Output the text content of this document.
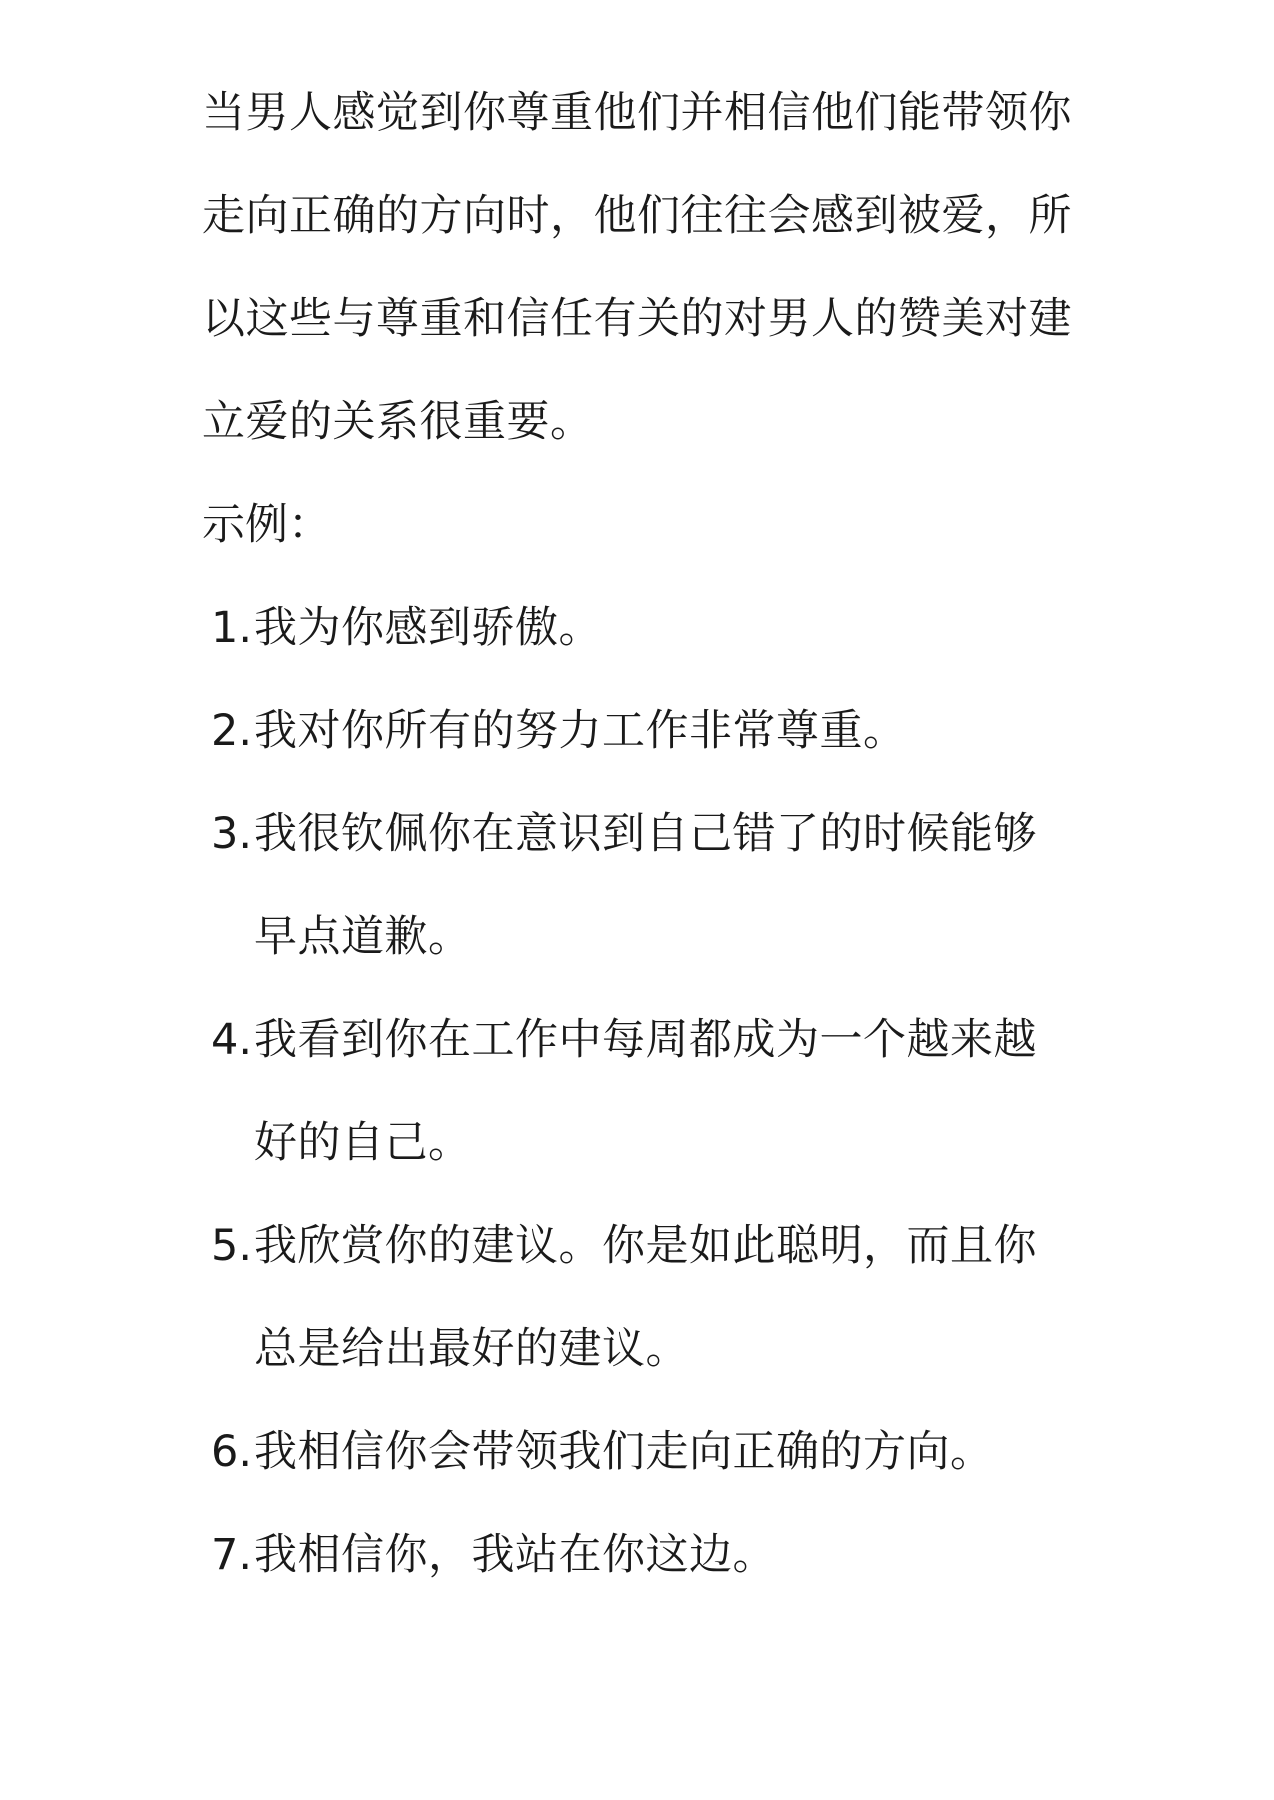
当男人感觉到你尊重他们并相信他们能带领你走向正确的方向时，他们往往会感到被爱，所以这些与尊重和信任有关的对男人的赞美对建立爱的关系很重要。

示例：

1. 我为你感到骄傲。
2. 我对你所有的努力工作非常尊重。
3. 我很钦佩你在意识到自己错了的时候能够早点道歉。
4. 我看到你在工作中每周都成为一个越来越好的自己。
5. 我欣赏你的建议。你是如此聪明，而且你总是给出最好的建议。
6. 我相信你会带领我们走向正确的方向。
7. 我相信你，我站在你这边。
